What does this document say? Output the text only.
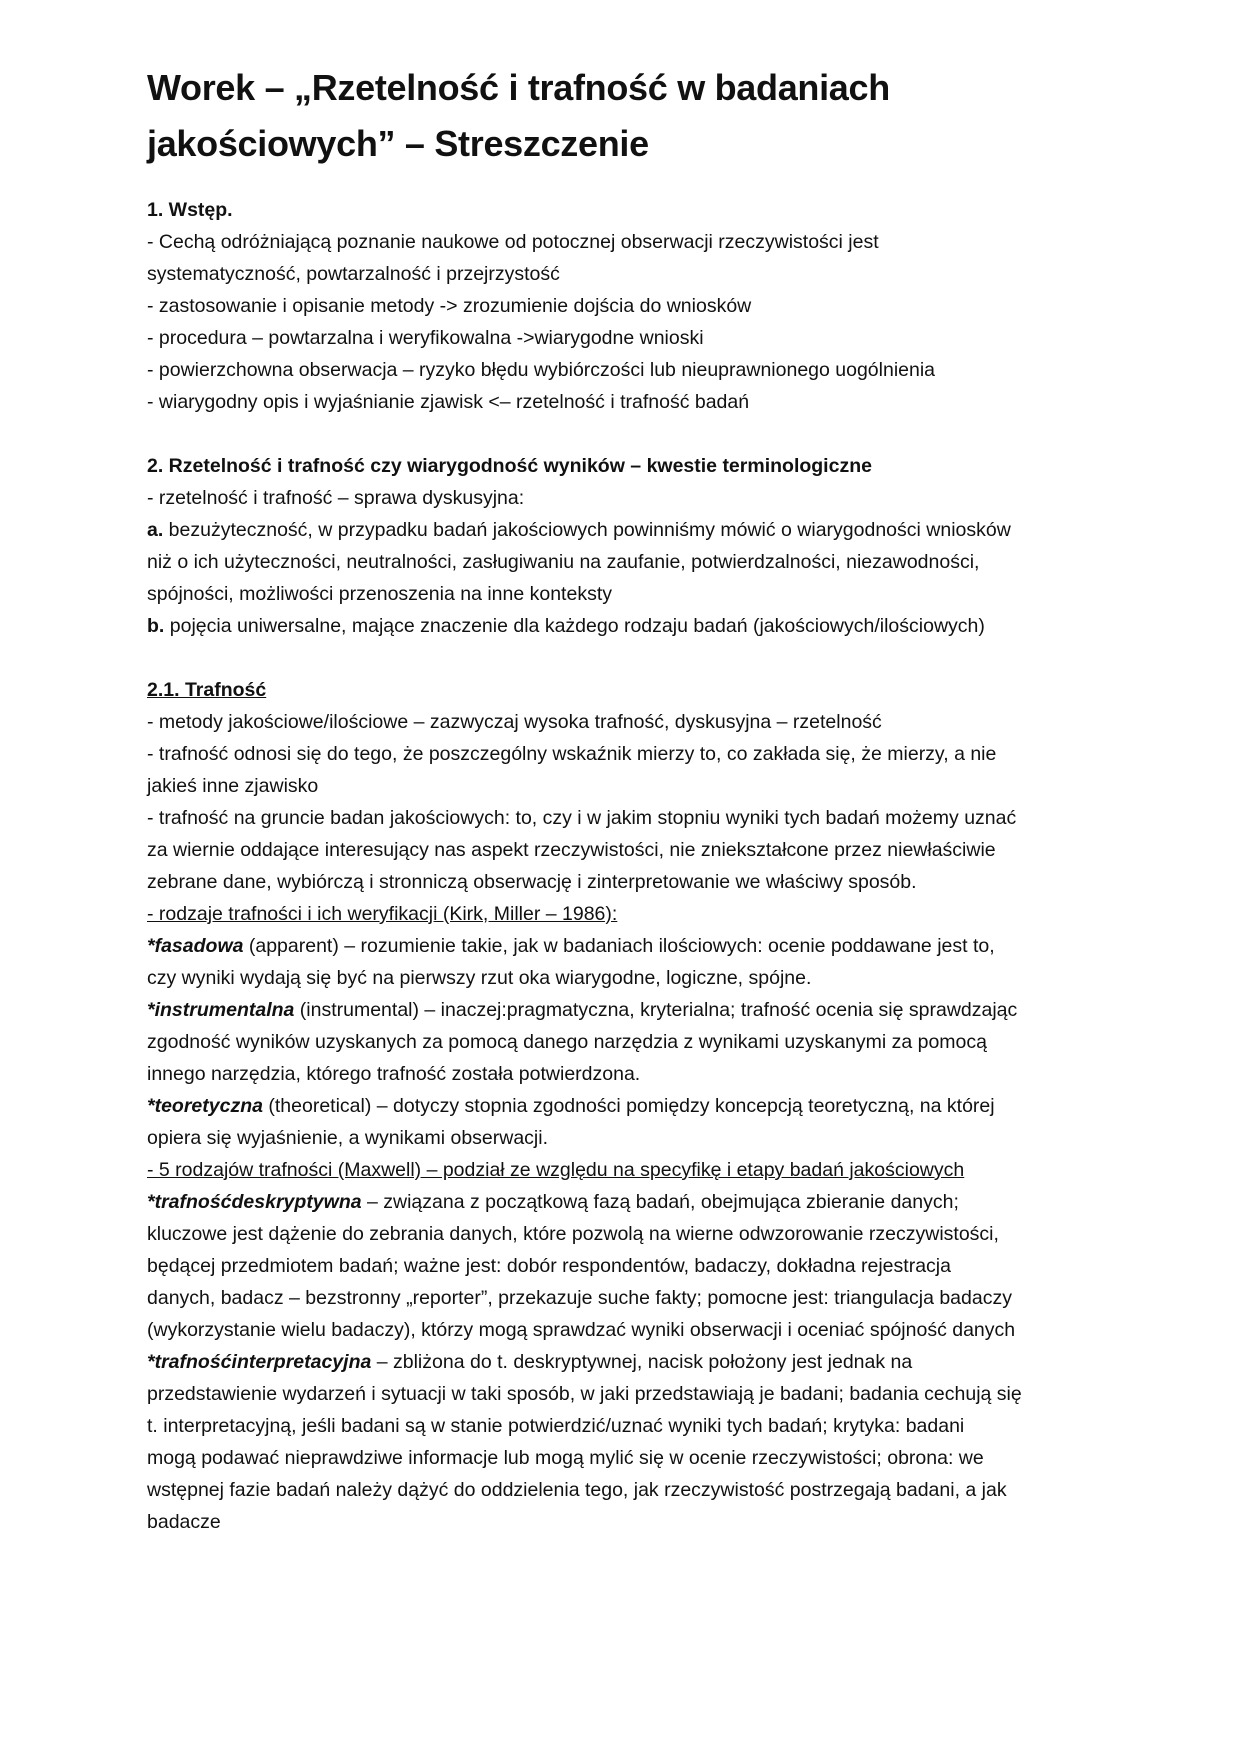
Worek – „Rzetelność i trafność w badaniach
jakościowych” – Streszczenie
1. Wstęp.
- Cechą odróżniającą poznanie naukowe od potocznej obserwacji rzeczywistości jest
systematyczność, powtarzalność i przejrzystość
- zastosowanie i opisanie metody -> zrozumienie dojścia do wniosków
- procedura – powtarzalna i weryfikowalna ->wiarygodne wnioski
- powierzchowna obserwacja – ryzyko błędu wybiórczości lub nieuprawnionego uogólnienia
- wiarygodny opis i wyjaśnianie zjawisk <– rzetelność i trafność badań
2. Rzetelność i trafność czy wiarygodność wyników – kwestie terminologiczne
- rzetelność i trafność – sprawa dyskusyjna:
a. bezużyteczność, w przypadku badań jakościowych powinniśmy mówić o wiarygodności wniosków
niż o ich użyteczności, neutralności, zasługiwaniu na zaufanie, potwierdzalności, niezawodności,
spójności, możliwości przenoszenia na inne konteksty
b. pojęcia uniwersalne, mające znaczenie dla każdego rodzaju badań (jakościowych/ilościowych)
2.1. Trafność
- metody jakościowe/ilościowe – zazwyczaj wysoka trafność, dyskusyjna – rzetelność
- trafność odnosi się do tego, że poszczególny wskaźnik mierzy to, co zakłada się, że mierzy, a nie
jakieś inne zjawisko
- trafność na gruncie badan jakościowych: to, czy i w jakim stopniu wyniki tych badań możemy uznać
za wiernie oddające interesujący nas aspekt rzeczywistości, nie zniekształcone przez niewłaściwie
zebrane dane, wybiórczą i stronniczą obserwację i zinterpretowanie we właściwy sposób.
- rodzaje trafności i ich weryfikacji (Kirk, Miller – 1986):
*fasadowa (apparent) – rozumienie takie, jak w badaniach ilościowych: ocenie poddawane jest to,
czy wyniki wydają się być na pierwszy rzut oka wiarygodne, logiczne, spójne.
*instrumentalna (instrumental) – inaczej:pragmatyczna, kryterialna; trafność ocenia się sprawdzając
zgodność wyników uzyskanych za pomocą danego narzędzia z wynikami uzyskanymi za pomocą
innego narzędzia, którego trafność została potwierdzona.
*teoretyczna (theoretical) – dotyczy stopnia zgodności pomiędzy koncepcją teoretyczną, na której
opiera się wyjaśnienie, a wynikami obserwacji.
- 5 rodzajów trafności (Maxwell) – podział ze względu na specyfikę i etapy badań jakościowych
*trafnośćdeskryptywna – związana z początkową fazą badań, obejmująca zbieranie danych;
kluczowe jest dążenie do zebrania danych, które pozwolą na wierne odwzorowanie rzeczywistości,
będącej przedmiotem badań; ważne jest: dobór respondentów, badaczy, dokładna rejestracja
danych, badacz – bezstronny „reporter”, przekazuje suche fakty; pomocne jest: triangulacja badaczy
(wykorzystanie wielu badaczy), którzy mogą sprawdzać wyniki obserwacji i oceniać spójność danych
*trafnośćinterpretacyjna – zbliżona do t. deskryptywnej, nacisk położony jest jednak na
przedstawienie wydarzeń i sytuacji w taki sposób, w jaki przedstawiają je badani; badania cechują się
t. interpretacyjną, jeśli badani są w stanie potwierdzić/uznać wyniki tych badań; krytyka: badani
mogą podawać nieprawdziwe informacje lub mogą mylić się w ocenie rzeczywistości; obrona: we
wstępnej fazie badań należy dążyć do oddzielenia tego, jak rzeczywistość postrzegają badani, a jak
badacze
